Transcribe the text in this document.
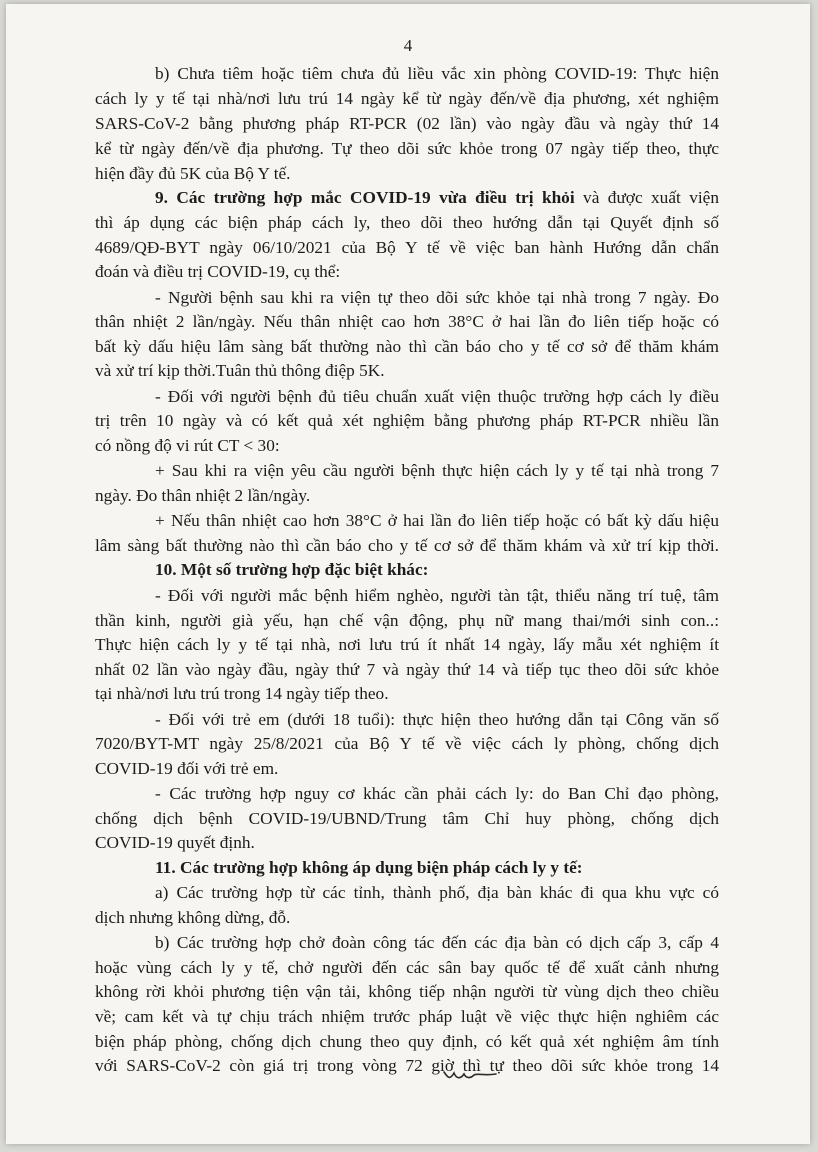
4
b) Chưa tiêm hoặc tiêm chưa đủ liều vắc xin phòng COVID-19: Thực hiện
cách ly y tế tại nhà/nơi lưu trú 14 ngày kể từ ngày đến/về địa phương, xét nghiệm
SARS-CoV-2 bằng phương pháp RT-PCR (02 lần) vào ngày đầu và ngày thứ 14
kể từ ngày đến/về địa phương. Tự theo dõi sức khỏe trong 07 ngày tiếp theo, thực
hiện đầy đủ 5K của Bộ Y tế.
9. Các trường hợp mắc COVID-19 vừa điều trị khỏi và được xuất viện
thì áp dụng các biện pháp cách ly, theo dõi theo hướng dẫn tại Quyết định số
4689/QĐ-BYT ngày 06/10/2021 của Bộ Y tế về việc ban hành Hướng dẫn chẩn
đoán và điều trị COVID-19, cụ thể:
- Người bệnh sau khi ra viện tự theo dõi sức khỏe tại nhà trong 7 ngày. Đo
thân nhiệt 2 lần/ngày. Nếu thân nhiệt cao hơn 38°C ở hai lần đo liên tiếp hoặc có
bất kỳ dấu hiệu lâm sàng bất thường nào thì cần báo cho y tế cơ sở để thăm khám
và xử trí kịp thời.Tuân thủ thông điệp 5K.
- Đối với người bệnh đủ tiêu chuẩn xuất viện thuộc trường hợp cách ly điều
trị trên 10 ngày và có kết quả xét nghiệm bằng phương pháp RT-PCR nhiều lần
có nồng độ vi rút CT < 30:
+ Sau khi ra viện yêu cầu người bệnh thực hiện cách ly y tế tại nhà trong 7
ngày. Đo thân nhiệt 2 lần/ngày.
+ Nếu thân nhiệt cao hơn 38°C ở hai lần đo liên tiếp hoặc có bất kỳ dấu hiệu
lâm sàng bất thường nào thì cần báo cho y tế cơ sở để thăm khám và xử trí kịp thời.
10. Một số trường hợp đặc biệt khác:
- Đối với người mắc bệnh hiểm nghèo, người tàn tật, thiểu năng trí tuệ, tâm
thần kinh, người già yếu, hạn chế vận động, phụ nữ mang thai/mới sinh con..:
Thực hiện cách ly y tế tại nhà, nơi lưu trú ít nhất 14 ngày, lấy mẫu xét nghiệm ít
nhất 02 lần vào ngày đầu, ngày thứ 7 và ngày thứ 14 và tiếp tục theo dõi sức khỏe
tại nhà/nơi lưu trú trong 14 ngày tiếp theo.
- Đối với trẻ em (dưới 18 tuổi): thực hiện theo hướng dẫn tại Công văn số
7020/BYT-MT ngày 25/8/2021 của Bộ Y tế về việc cách ly phòng, chống dịch
COVID-19 đối với trẻ em.
- Các trường hợp nguy cơ khác cần phải cách ly: do Ban Chỉ đạo phòng,
chống dịch bệnh COVID-19/UBND/Trung tâm Chỉ huy phòng, chống dịch
COVID-19 quyết định.
11. Các trường hợp không áp dụng biện pháp cách ly y tế:
a) Các trường hợp từ các tỉnh, thành phố, địa bàn khác đi qua khu vực có
dịch nhưng không dừng, đỗ.
b) Các trường hợp chở đoàn công tác đến các địa bàn có dịch cấp 3, cấp 4
hoặc vùng cách ly y tế, chở người đến các sân bay quốc tế để xuất cảnh nhưng
không rời khỏi phương tiện vận tải, không tiếp nhận người từ vùng dịch theo chiều
về; cam kết và tự chịu trách nhiệm trước pháp luật về việc thực hiện nghiêm các
biện pháp phòng, chống dịch chung theo quy định, có kết quả xét nghiệm âm tính
với SARS-CoV-2 còn giá trị trong vòng 72 giờ thì tự theo dõi sức khỏe trong 14
